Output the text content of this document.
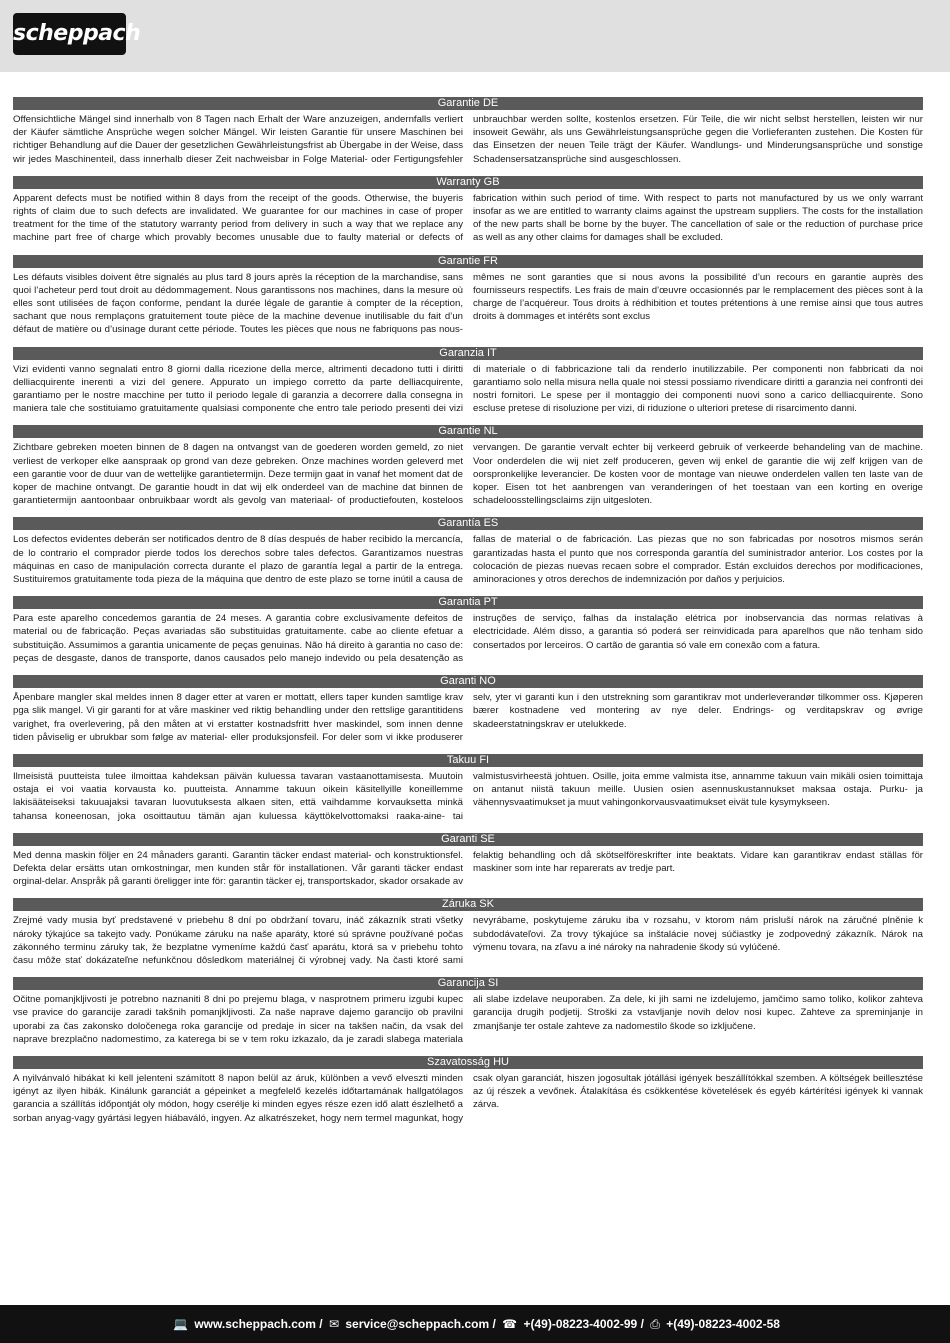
scheppach
Garantie DE
Offensichtliche Mängel sind innerhalb von 8 Tagen nach Erhalt der Ware anzuzeigen, andernfalls verliert der Käufer sämtliche Ansprüche wegen solcher Mängel. Wir leisten Garantie für unsere Maschinen bei richtiger Behandlung auf die Dauer der gesetzlichen Gewährleistungsfrist ab Übergabe in der Weise, dass wir jedes Maschinenteil, dass innerhalb dieser Zeit nachweisbar in Folge Material- oder Fertigungsfehler unbrauchbar werden sollte, kostenlos ersetzen. Für Teile, die wir nicht selbst herstellen, leisten wir nur insoweit Gewähr, als uns Gewährleistungsansprüche gegen die Vorlieferanten zustehen. Die Kosten für das Einsetzen der neuen Teile trägt der Käufer. Wandlungs- und Minderungsansprüche und sonstige Schadensersatzansprüche sind ausgeschlossen.
Warranty GB
Apparent defects must be notified within 8 days from the receipt of the goods. Otherwise, the buyeris rights of claim due to such defects are invalidated. We guarantee for our machines in case of proper treatment for the time of the statutory warranty period from delivery in such a way that we replace any machine part free of charge which provably becomes unusable due to faulty material or defects of fabrication within such period of time. With respect to parts not manufactured by us we only warrant insofar as we are entitled to warranty claims against the upstream suppliers. The costs for the installation of the new parts shall be borne by the buyer. The cancellation of sale or the reduction of purchase price as well as any other claims for damages shall be excluded.
Garantie FR
Les défauts visibles doivent être signalés au plus tard 8 jours après la réception de la marchandise, sans quoi l’acheteur perd tout droit au dédommagement. Nous garantissons nos machines, dans la mesure où elles sont utilisées de façon conforme, pendant la durée légale de garantie à compter de la réception, sachant que nous remplaçons gratuitement toute pièce de la machine devenue inutilisable du fait d’un défaut de matière ou d’usinage durant cette période. Toutes les pièces que nous ne fabriquons pas nous-mêmes ne sont garanties que si nous avons la possibilité d’un recours en garantie auprès des fournisseurs respectifs. Les frais de main d’œuvre occasionnés par le remplacement des pièces sont à la charge de l’acquéreur. Tous droits à rédhibition et toutes prétentions à une remise ainsi que tous autres droits à dommages et intérêts sont exclus
Garanzia IT
Vizi evidenti vanno segnalati entro 8 giorni dalla ricezione della merce, altrimenti decadono tutti i diritti delliacquirente inerenti a vizi del genere. Appurato un impiego corretto da parte delliacquirente, garantiamo per le nostre macchine per tutto il periodo legale di garanzia a decorrere dalla consegna in maniera tale che sostituiamo gratuitamente qualsiasi componente che entro tale periodo presenti dei vizi di materiale o di fabbricazione tali da renderlo inutilizzabile. Per componenti non fabbricati da noi garantiamo solo nella misura nella quale noi stessi possiamo rivendicare diritti a garanzia nei confronti dei nostri fornitori. Le spese per il montaggio dei componenti nuovi sono a carico delliacquirente. Sono escluse pretese di risoluzione per vizi, di riduzione o ulteriori pretese di risarcimento danni.
Garantie NL
Zichtbare gebreken moeten binnen de 8 dagen na ontvangst van de goederen worden gemeld, zo niet verliest de verkoper elke aanspraak op grond van deze gebreken. Onze machines worden geleverd met een garantie voor de duur van de wettelijke garantietermijn. Deze termijn gaat in vanaf het moment dat de koper de machine ontvangt. De garantie houdt in dat wij elk onderdeel van de machine dat binnen de garantietermijn aantoonbaar onbruikbaar wordt als gevolg van materiaal- of productiefouten, kosteloos vervangen. De garantie vervalt echter bij verkeerd gebruik of verkeerde behandeling van de machine. Voor onderdelen die wij niet zelf produceren, geven wij enkel de garantie die wij zelf krijgen van de oorspronkelijke leverancier. De kosten voor de montage van nieuwe onderdelen vallen ten laste van de koper. Eisen tot het aanbrengen van veranderingen of het toestaan van een korting en overige schadeloosstellingsclaims zijn uitgesloten.
Garantía ES
Los defectos evidentes deberán ser notificados dentro de 8 días después de haber recibido la mercancía, de lo contrario el comprador pierde todos los derechos sobre tales defectos. Garantizamos nuestras máquinas en caso de manipulación correcta durante el plazo de garantía legal a partir de la entrega. Sustituiremos gratuitamente toda pieza de la máquina que dentro de este plazo se torne inútil a causa de fallas de material o de fabricación. Las piezas que no son fabricadas por nosotros mismos serán garantizadas hasta el punto que nos corresponda garantía del suministrador anterior. Los costes por la colocación de piezas nuevas recaen sobre el comprador. Están excluidos derechos por modificaciones, aminoraciones y otros derechos de indemnización por daños y perjuicios.
Garantia PT
Para este aparelho concedemos garantia de 24 meses. A garantia cobre exclusivamente defeitos de material ou de fabricação. Peças avariadas são substituidas gratuitamente. cabe ao cliente efetuar a substituição. Assumimos a garantia unicamente de peças genuinas. Não há direito à garantia no caso de: peças de desgaste, danos de transporte, danos causados pelo manejo indevido ou pela desatenção as instruções de serviço, falhas da instalação elétrica por inobservancia das normas relativas à electricidade. Além disso, a garantia só poderá ser reinvidicada para aparelhos que não tenham sido consertados por lerceiros. O cartão de garantia só vale em conexão com a fatura.
Garanti NO
Åpenbare mangler skal meldes innen 8 dager etter at varen er mottatt, ellers taper kunden samtlige krav pga slik mangel. Vi gir garanti for at våre maskiner ved riktig behandling under den rettslige garantitidens varighet, fra overlevering, på den måten at vi erstatter kostnadsfritt hver maskindel, som innen denne tiden påviselig er ubrukbar som følge av material- eller produksjonsfeil. For deler som vi ikke produserer selv, yter vi garanti kun i den utstrekning som garantikrav mot underleverandør tilkommer oss. Kjøperen bærer kostnadene ved montering av nye deler. Endrings- og verditapskrav og øvrige skadeerstatningskrav er utelukkede.
Takuu FI
Ilmeisistä puutteista tulee ilmoittaa kahdeksan päivän kuluessa tavaran vastaanottamisesta. Muutoin ostaja ei voi vaatia korvausta ko. puutteista. Annamme takuun oikein käsitellyille koneillemme lakisääteiseksi takuuajaksi tavaran luovutuksesta alkaen siten, että vaihdamme korvauksetta minkä tahansa koneenosan, joka osoittautuu tämän ajan kuluessa käyttökelvottomaksi raaka-aine- tai valmistusvirheestä johtuen. Osille, joita emme valmista itse, annamme takuun vain mikäli osien toimittaja on antanut niistä takuun meille. Uusien osien asennuskustannukset maksaa ostaja. Purku- ja vähennysvaatimukset ja muut vahingonkorvausvaatimukset eivät tule kysymykseen.
Garanti SE
Med denna maskin följer en 24 månaders garanti. Garantin täcker endast material- och konstruktionsfel. Defekta delar ersätts utan omkostningar, men kunden står för installationen. Vår garanti täcker endast orginal-delar. Anspråk på garanti öreligger inte för: garantin täcker ej, transportskador, skador orsakade av felaktig behandling och då skötselföreskrifter inte beaktats. Vidare kan garantikrav endast ställas för maskiner som inte har reparerats av tredje part.
Záruka SK
Zrejmé vady musia byť predstavené v priebehu 8 dní po obdržaní tovaru, ináč zákazník strati všetky nároky týkajúce sa takejto vady. Ponúkame záruku na naše aparáty, ktoré sú správne používané počas zákonného terminu záruky tak, že bezplatne vymeníme každú časť aparátu, ktorá sa v priebehu tohto času môže stať dokázateľne nefunkčnou dôsledkom materiálnej či výrobnej vady. Na časti ktoré sami nevyrábame, poskytujeme záruku iba v rozsahu, v ktorom nám prisluší nárok na záručné plněnie k subdodávateľovi. Za trovy týkajúce sa inštalácie novej súčiastky je zodpovedný zákazník. Nárok na výmenu tovara, na zľavu a iné nároky na nahradenie škody sú vylúčené.
Garancija SI
Očitne pomanjkljivosti je potrebno naznaniti 8 dni po prejemu blaga, v nasprotnem primeru izgubi kupec vse pravice do garancije zaradi takšnih pomanjkljivosti. Za naše naprave dajemo garancijo ob pravilni uporabi za čas zakonsko določenega roka garancije od predaje in sicer na takšen način, da vsak del naprave brezplačno nadomestimo, za katerega bi se v tem roku izkazalo, da je zaradi slabega materiala ali slabe izdelave neuporaben. Za dele, ki jih sami ne izdelujemo, jamčimo samo toliko, kolikor zahteva garancija drugih podjetij. Stroški za vstavljanje novih delov nosi kupec. Zahteve za spreminjanje in zmanjšanje ter ostale zahteve za nadomestilo škode so izključene.
Szavatosság HU
A nyilvánvaló hibákat ki kell jelenteni számított 8 napon belül az áruk, különben a vevő elveszti minden igényt az ilyen hibák. Kinálunk garanciát a gépeinket a megfelelő kezelés időtartamának hallgatólagos garancia a szállítás időpontját oly módon, hogy cserélje ki minden egyes része ezen idő alatt észlelhető a sorban anyag-vagy gyártási legyen hiábaváló, ingyen. Az alkatrészeket, hogy nem termel magunkat, hogy csak olyan garanciát, hiszen jogosultak jótállási igények beszállítókkal szemben. A költségek beillesztése az új részek a vevőnek. Átalakítása és csökkentése követelések és egyéb kártérítési igények ki vannak zárva.
💻 www.scheppach.com / ✉ service@scheppach.com / ☎ +(49)-08223-4002-99 / ⎙ +(49)-08223-4002-58
